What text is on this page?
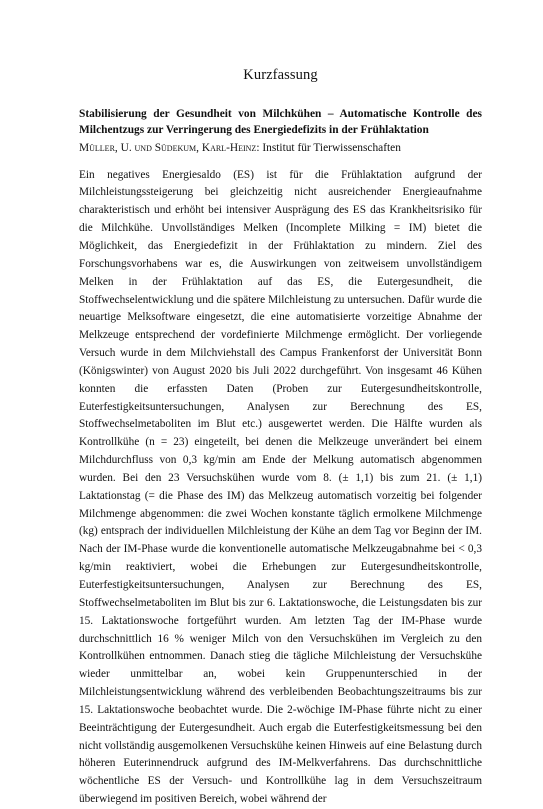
Kurzfassung
Stabilisierung der Gesundheit von Milchkühen – Automatische Kontrolle des Milchentzugs zur Verringerung des Energiedefizits in der Frühlaktation
Müller, U. und Südekum, Karl-Heinz: Institut für Tierwissenschaften
Ein negatives Energiesaldo (ES) ist für die Frühlaktation aufgrund der Milchleistungssteigerung bei gleichzeitig nicht ausreichender Energieaufnahme charakteristisch und erhöht bei intensiver Ausprägung des ES das Krankheitsrisiko für die Milchkühe. Unvollständiges Melken (Incomplete Milking = IM) bietet die Möglichkeit, das Energiedefizit in der Frühlaktation zu mindern. Ziel des Forschungsvorhabens war es, die Auswirkungen von zeitweisem unvollständigem Melken in der Frühlaktation auf das ES, die Eutergesundheit, die Stoffwechselentwicklung und die spätere Milchleistung zu untersuchen. Dafür wurde die neuartige Melksoftware eingesetzt, die eine automatisierte vorzeitige Abnahme der Melkzeuge entsprechend der vordefinierte Milchmenge ermöglicht. Der vorliegende Versuch wurde in dem Milchviehstall des Campus Frankenforst der Universität Bonn (Königswinter) von August 2020 bis Juli 2022 durchgeführt. Von insgesamt 46 Kühen konnten die erfassten Daten (Proben zur Eutergesundheitskontrolle, Euterfestigkeitsuntersuchungen, Analysen zur Berechnung des ES, Stoffwechselmetaboliten im Blut etc.) ausgewertet werden. Die Hälfte wurden als Kontrollkühe (n = 23) eingeteilt, bei denen die Melkzeuge unverändert bei einem Milchdurchfluss von 0,3 kg/min am Ende der Melkung automatisch abgenommen wurden. Bei den 23 Versuchskühen wurde vom 8. (± 1,1) bis zum 21. (± 1,1) Laktationstag (= die Phase des IM) das Melkzeug automatisch vorzeitig bei folgender Milchmenge abgenommen: die zwei Wochen konstante täglich ermolkene Milchmenge (kg) entsprach der individuellen Milchleistung der Kühe an dem Tag vor Beginn der IM. Nach der IM-Phase wurde die konventionelle automatische Melkzeugabnahme bei < 0,3 kg/min reaktiviert, wobei die Erhebungen zur Eutergesundheitskontrolle, Euterfestigkeitsuntersuchungen, Analysen zur Berechnung des ES, Stoffwechselmetaboliten im Blut bis zur 6. Laktationswoche, die Leistungsdaten bis zur 15. Laktationswoche fortgeführt wurden. Am letzten Tag der IM-Phase wurde durchschnittlich 16 % weniger Milch von den Versuchskühen im Vergleich zu den Kontrollkühen entnommen. Danach stieg die tägliche Milchleistung der Versuchskühe wieder unmittelbar an, wobei kein Gruppenunterschied in der Milchleistungsentwicklung während des verbleibenden Beobachtungszeitraums bis zur 15. Laktationswoche beobachtet wurde. Die 2-wöchige IM-Phase führte nicht zu einer Beeinträchtigung der Eutergesundheit. Auch ergab die Euterfestigkeitsmessung bei den nicht vollständig ausgemolkenen Versuchskühe keinen Hinweis auf eine Belastung durch höheren Euterinnendruck aufgrund des IM-Melkverfahrens. Das durchschnittliche wöchentliche ES der Versuch- und Kontrollkühe lag in dem Versuchszeitraum überwiegend im positiven Bereich, wobei während der
